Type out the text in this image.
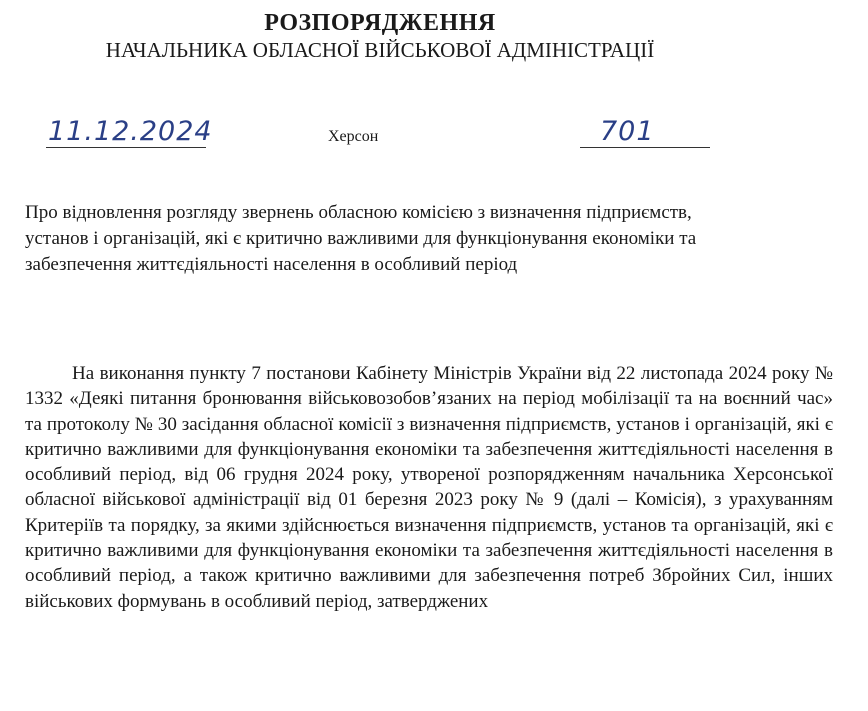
РОЗПОРЯДЖЕННЯ
НАЧАЛЬНИКА ОБЛАСНОЇ ВІЙСЬКОВОЇ АДМІНІСТРАЦІЇ
11.12.2024	Херсон	701
Про відновлення розгляду звернень обласною комісією з визначення підприємств, установ і організацій, які є критично важливими для функціонування економіки та забезпечення життєдіяльності населення в особливий період
На виконання пункту 7 постанови Кабінету Міністрів України від 22 листопада 2024 року № 1332 «Деякі питання бронювання військовозобов’язаних на період мобілізації та на воєнний час» та протоколу № 30 засідання обласної комісії з визначення підприємств, установ і організацій, які є критично важливими для функціонування економіки та забезпечення життєдіяльності населення в особливий період, від 06 грудня 2024 року, утвореної розпорядженням начальника Херсонської обласної військової адміністрації від 01 березня 2023 року № 9 (далі – Комісія), з урахуванням Критеріїв та порядку, за якими здійснюється визначення підприємств, установ та організацій, які є критично важливими для функціонування економіки та забезпечення життєдіяльності населення в особливий період, а також критично важливими для забезпечення потреб Збройних Сил, інших військових формувань в особливий період, затверджених
